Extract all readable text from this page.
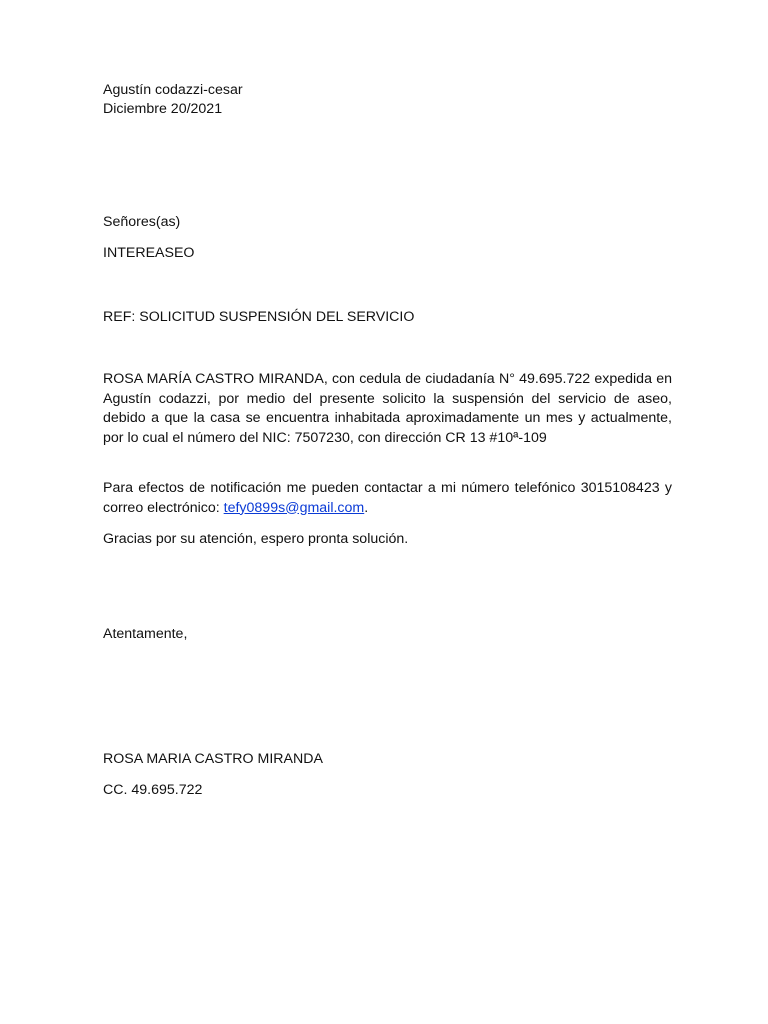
Agustín codazzi-cesar
Diciembre 20/2021
Señores(as)
INTEREASEO
REF: SOLICITUD SUSPENSIÓN DEL SERVICIO
ROSA MARÍA CASTRO MIRANDA, con cedula de ciudadanía N° 49.695.722 expedida en Agustín codazzi, por medio del presente solicito la suspensión del servicio de aseo, debido a que la casa se encuentra inhabitada aproximadamente un mes y actualmente, por lo cual el número del NIC: 7507230, con dirección CR 13 #10ª-109
Para efectos de notificación me pueden contactar a mi número telefónico 3015108423 y correo electrónico: tefy0899s@gmail.com.
Gracias por su atención, espero pronta solución.
Atentamente,
ROSA MARIA CASTRO MIRANDA
CC. 49.695.722
